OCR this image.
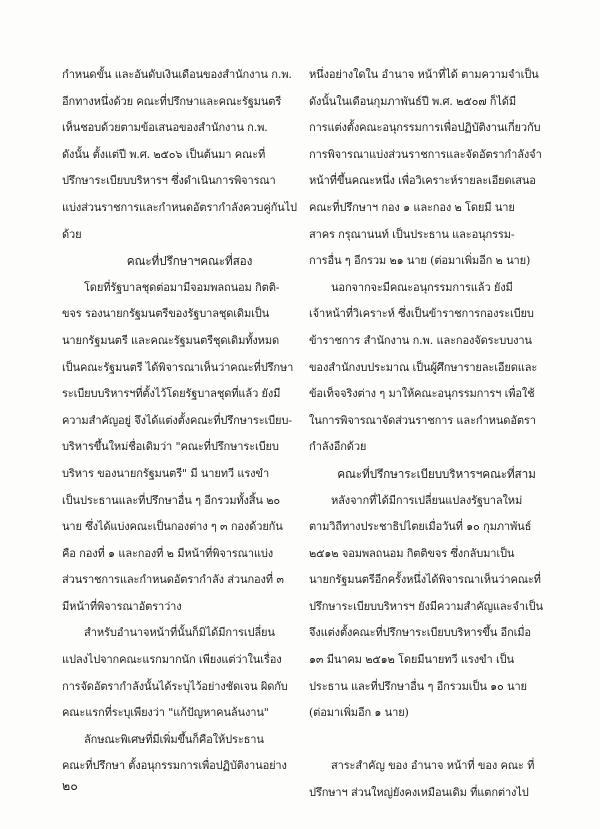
กำหนดขั้น และอันดับเงินเดือนของสำนักงาน ก.พ.
อีกทางหนึ่งด้วย คณะที่ปรึกษาและคณะรัฐมนตรี
เห็นชอบด้วยตามข้อเสนอของสำนักงาน ก.พ.
ดังนั้น ตั้งแต่ปี พ.ศ. ๒๕๐๖ เป็นต้นมา คณะที่
ปรึกษาระเบียบบริหารฯ ซึ่งดำเนินการพิจารณา
แบ่งส่วนราชการและกำหนดอัตรากำลังควบคู่กันไป
ด้วย
คณะที่ปรึกษาฯคณะที่สอง
โดยที่รัฐบาลชุดต่อมามีจอมพลถนอม กิตติ-
ขจร รองนายกรัฐมนตรีของรัฐบาลชุดเดิมเป็น
นายกรัฐมนตรี และคณะรัฐมนตรีชุดเดิมทั้งหมด
เป็นคณะรัฐมนตรี ได้พิจารณาเห็นว่าคณะที่ปรึกษา
ระเบียบบริหารฯที่ตั้งไว้โดยรัฐบาลชุดที่แล้ว ยังมี
ความสำคัญอยู่ จึงได้แต่งตั้งคณะที่ปรึกษาระเบียบ-
บริหารขึ้นใหม่ชื่อเดิมว่า "คณะที่ปรึกษาระเบียบ
บริหาร ของนายกรัฐมนตรี" มี นายทวี แรงขำ
เป็นประธานและที่ปรึกษาอื่น ๆ อีกรวมทั้งสิ้น ๒๐
นาย ซึ่งได้แบ่งคณะเป็นกองต่าง ๆ ๓ กองด้วยกัน
คือ กองที่ ๑ และกองที่ ๒ มีหน้าที่พิจารณาแบ่ง
ส่วนราชการและกำหนดอัตรากำลัง ส่วนกองที่ ๓
มีหน้าที่พิจารณาอัตราว่าง
สำหรับอำนาจหน้าที่นั้นก็มิได้มีการเปลี่ยน
แปลงไปจากคณะแรกมากนัก เพียงแต่ว่าในเรื่อง
การจัดอัตรากำลังนั้นได้ระบุไว้อย่างชัดเจน ผิดกับ
คณะแรกที่ระบุเพียงว่า "แก้ปัญหาคนล้นงาน"
ลักษณะพิเศษที่มีเพิ่มขึ้นก็คือให้ประธาน
คณะที่ปรึกษา ตั้งอนุกรรมการเพื่อปฏิบัติงานอย่าง
หนึ่งอย่างใดใน อำนาจ หน้าที่ได้ ตามความจำเป็น
ดังนั้นในเดือนกุมภาพันธ์ปี พ.ศ. ๒๕๐๗ ก็ได้มี
การแต่งตั้งคณะอนุกรรมการเพื่อปฏิบัติงานเกี่ยวกับ
การพิจารณาแบ่งส่วนราชการและจัดอัตรากำลังจำ
หน้าที่ขึ้นคณะหนึ่ง เพื่อวิเคราะห์รายละเอียดเสนอ
คณะที่ปรึกษาฯ กอง ๑ และกอง ๒ โดยมี นาย
สาคร กรุณานนท์ เป็นประธาน และอนุกรรม-
การอื่น ๆ อีกรวม ๒๑ นาย (ต่อมาเพิ่มอีก ๒ นาย)
นอกจากจะมีคณะอนุกรรมการแล้ว ยังมี
เจ้าหน้าที่วิเคราะห์ ซึ่งเป็นข้าราชการกองระเบียบ
ข้าราชการ สำนักงาน ก.พ. และกองจัดระบบงาน
ของสำนักงบประมาณ เป็นผู้ศึกษารายละเอียดและ
ข้อเท็จจริงต่าง ๆ มาให้คณะอนุกรรมการฯ เพื่อใช้
ในการพิจารณาจัดส่วนราชการ และกำหนดอัตรา
กำลังอีกด้วย
คณะที่ปรึกษาระเบียบบริหารฯคณะที่สาม
หลังจากที่ได้มีการเปลี่ยนแปลงรัฐบาลใหม่
ตามวิถีทางประชาธิปไตยเมื่อวันที่ ๑๐ กุมภาพันธ์
๒๕๑๒ จอมพลถนอม กิตติขจร ซึ่งกลับมาเป็น
นายกรัฐมนตรีอีกครั้งหนึ่งได้พิจารณาเห็นว่าคณะที่
ปรึกษาระเบียบบริหารฯ ยังมีความสำคัญและจำเป็น
จึงแต่งตั้งคณะที่ปรึกษาระเบียบบริหารขึ้น อีกเมื่อ
๑๓ มีนาคม ๒๕๑๒ โดยมีนายทวี แรงขำ เป็น
ประธาน และที่ปรึกษาอื่น ๆ อีกรวมเป็น ๑๐ นาย
(ต่อมาเพิ่มอีก ๑ นาย)
สาระสำคัญ ของ อำนาจ หน้าที่ ของ คณะ ที่
ปรึกษาฯ ส่วนใหญ่ยังคงเหมือนเดิม ที่แตกต่างไป
๒๐
